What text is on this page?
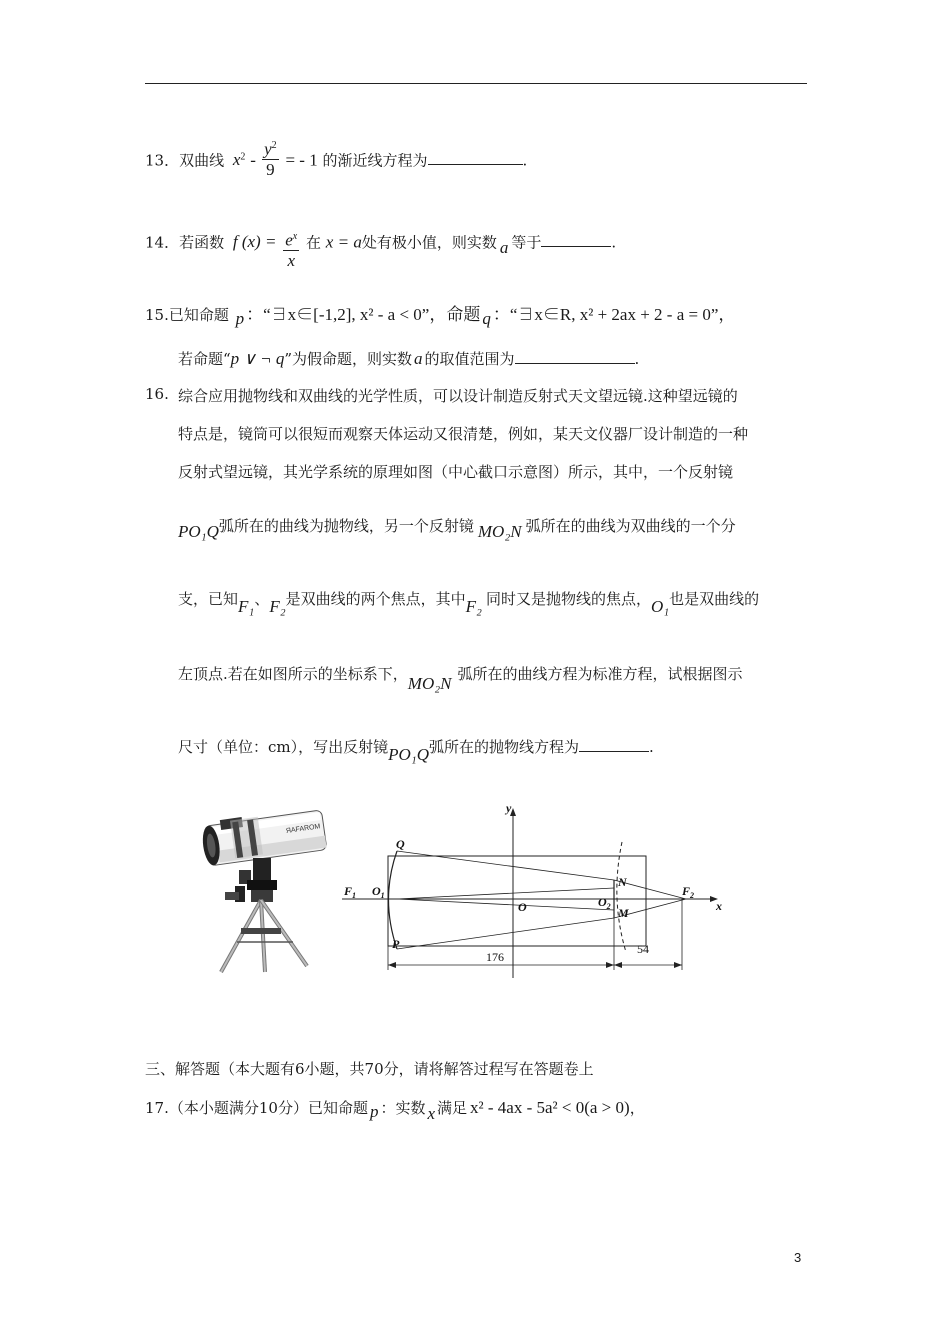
13．双曲线 $x^2 - \frac{y^2}{9}$ = - 1 的渐近线方程为	.
14．若函数 f $(x) = \frac{e^x}{x}$ 在 x = a处有极小值，则实数 a 等于	.
15.已知命题 p ：“∃x∈[-1,2], x² - a < 0”，命题 q ：“∃x∈R, x² + 2ax + 2 - a = 0”，
若命题“p ∨ ¬ q”为假命题，则实数 a 的取值范围为	.
16. 综合应用抛物线和双曲线的光学性质，可以设计制造反射式天文望远镜.这种望远镜的
特点是，镜筒可以很短而观察天体运动又很清楚，例如，某天文仪器厂设计制造的一种
反射式望远镜，其光学系统的原理如图（中心截口示意图）所示，其中，一个反射镜
PO₁Q弧所在的曲线为抛物线，另一个反射镜 MO₂N 弧所在的曲线为双曲线的一个分
支，已知F₁、F₂是双曲线的两个焦点，其中F₂ 同时又是抛物线的焦点，O₁也是双曲线的
左顶点.若在如图所示的坐标系下，MO₂N 弧所在的曲线方程为标准方程，试根据图示
尺寸（单位：cm），写出反射镜PO₁Q弧所在的抛物线方程为	.
ЯAFAROM
y
x
Q
P
N
M
$F_1$ $O_1$
O	$O_2$
$F_2$
176
54
三、解答题（本大题有6小题，共70分，请将解答过程写在答题卷上
17.（本小题满分10分）已知命题 p ：实数 x 满足 x² - 4ax - 5a² < 0(a > 0)，
3
